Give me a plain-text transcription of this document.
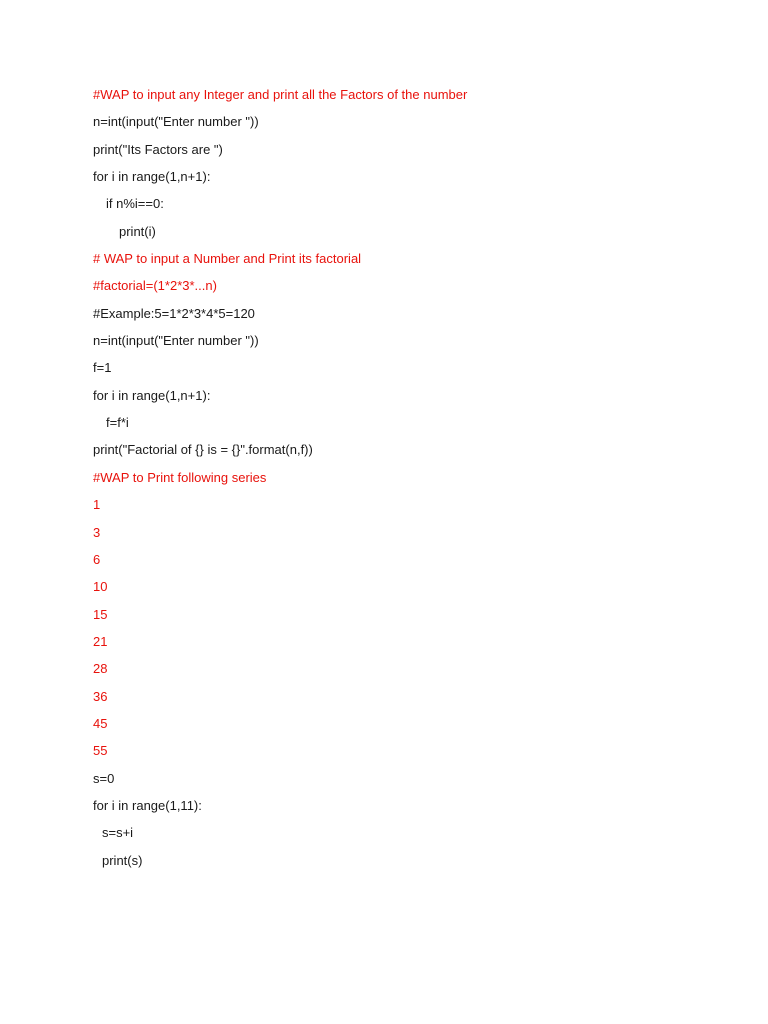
#WAP to input any Integer and print all the Factors of the number
n=int(input("Enter number "))
print("Its Factors are ")
for i in range(1,n+1):
if n%i==0:
print(i)
# WAP to input a Number and Print its factorial
#factorial=(1*2*3*...n)
#Example:5=1*2*3*4*5=120
n=int(input("Enter number "))
f=1
for i in range(1,n+1):
f=f*i
print("Factorial of {} is = {}".format(n,f))
#WAP to Print following series
1
3
6
10
15
21
28
36
45
55
s=0
for i in range(1,11):
s=s+i
print(s)
